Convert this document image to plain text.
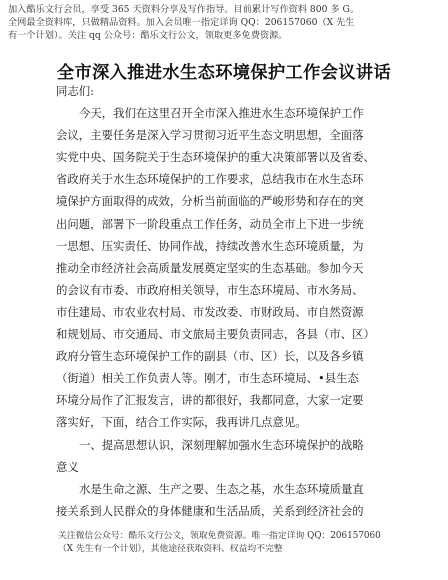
加入酷乐文行会员，享受 365 天资料分享及写作指导。目前累计写作资料 800 多 G。
全网最全资料库，只做精品资料。加入会员唯一指定详询 QQ：206157060（X 先生
有一个计划）。关注 qq 公众号：酷乐文行公文，领取更多免费资源。
全市深入推进水生态环境保护工作会议讲话
同志们:
今天，我们在这里召开全市深入推进水生态环境保护工作
会议，主要任务是深入学习贯彻习近平生态文明思想，全面落
实党中央、国务院关于生态环境保护的重大决策部署以及省委、
省政府关于水生态环境保护的工作要求，总结我市在水生态环
境保护方面取得的成效，分析当前面临的严峻形势和存在的突
出问题，部署下一阶段重点工作任务，动员全市上下进一步统
一思想、压实责任、协同作战，持续改善水生态环境质量，为
推动全市经济社会高质量发展奠定坚实的生态基础。参加今天
的会议有市委、市政府相关领导，市生态环境局、市水务局、
市住建局、市农业农村局、市发改委、市财政局、市自然资源
和规划局、市交通局、市文旅局主要负责同志，各县（市、区）
政府分管生态环境保护工作的副县（市、区）长，以及各乡镇
（街道）相关工作负责人等。刚才，市生态环境局、•县生态
环境分局作了汇报发言，讲的都很好，我都同意，大家一定要
落实好，下面，结合工作实际，我再讲几点意见。
一、提高思想认识，深刻理解加强水生态环境保护的战略
意义
水是生命之源、生产之要、生态之基，水生态环境质量直
接关系到人民群众的身体健康和生活品质，关系到经济社会的
关注微信公众号：酷乐文行公文，领取免费资源。唯一指定详询 QQ：206157060
（X 先生有一个计划），其他途径获取资料、权益均不完整
